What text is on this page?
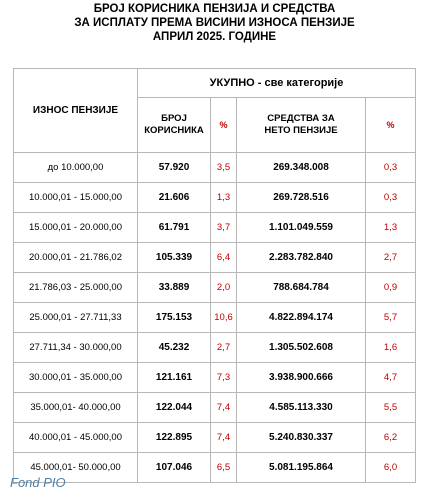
БРОЈ КОРИСНИКА ПЕНЗИЈА И СРЕДСТВА
ЗА ИСПЛАТУ ПРЕМА ВИСИНИ ИЗНОСА ПЕНЗИЈЕ
АПРИЛ 2025. ГОДИНЕ
ИЗНОС ПЕНЗИЈЕ	УКУПНО - све категорије			
	БРОЈ
КОРИСНИКА	%	СРЕДСТВА ЗА
НЕТО ПЕНЗИЈЕ	%
до 10.000,00	57.920	3,5	269.348.008	0,3
10.000,01 - 15.000,00	21.606	1,3	269.728.516	0,3
15.000,01 - 20.000,00	61.791	3,7	1.101.049.559	1,3
20.000,01 - 21.786,02	105.339	6,4	2.283.782.840	2,7
21.786,03 - 25.000,00	33.889	2,0	788.684.784	0,9
25.000,01 - 27.711,33	175.153	10,6	4.822.894.174	5,7
27.711,34 - 30.000,00	45.232	2,7	1.305.502.608	1,6
30.000,01 - 35.000,00	121.161	7,3	3.938.900.666	4,7
35.000,01- 40.000,00	122.044	7,4	4.585.113.330	5,5
40.000,01 - 45.000,00	122.895	7,4	5.240.830.337	6,2
45.000,01- 50.000,00	107.046	6,5	5.081.195.864	6,0
Fond PIO
